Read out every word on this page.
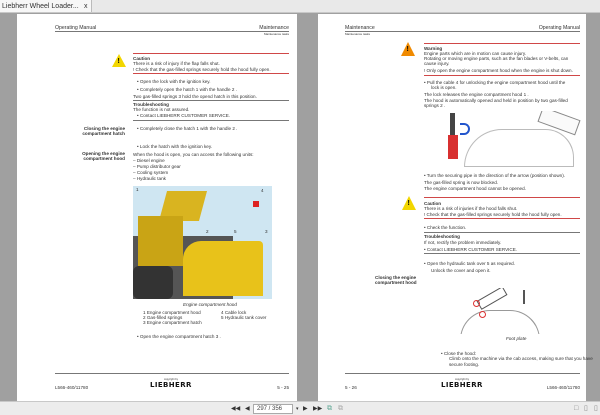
Liebherr Wheel Loader... x
Operating Manual	Maintenance
Maintenance tasks
!	Caution
There is a risk of injury if the flap falls shut.
! Check that the gas-filled springs securely hold the hood fully open.
• Open the lock with the ignition key.
• Completely open the hatch 1 with the handle 2 .
Two gas-filled springs 3 hold the opend hatch in this position.
Troubleshooting
The function is not assured.
• Contact LIEBHERR CUSTOMER SERVICE.
Closing the engine
compartment hatch
• Completely close the hatch 1 with the handle 2 .
• Lock the hatch with the ignition key.
Opening the engine
compartment hood
When the hood is open, you can access the following units:
– Diesel engine
– Pump distributor gear
– Cooling system
– Hydraulic tank
1
2	3
4
5
Engine compartment hood
1 Engine compartment hood
2 Gas-filled springs
3 Engine compartment hatch
4 Cable lock
5 Hydraulic tank cover
• Open the engine compartment hatch 3 .

copyright by
LIEBHERR
L566-460/11780	5 - 25
Maintenance	Operating Manual
Maintenance tasks
!	Warning
Engine parts which are in motion can cause injury.
Rotating or moving engine parts, such as the fan blades or V-belts, can
cause injury.
! Only open the engine compartment hood when the engine is shut down.
• Pull the cable 4 for unlocking the engine compartment hood until the
lock is open.
The lock releases the engine compartment hood 1 .
The hood is automatically opened and held in position by two gas-filled
springs 2 .
• Turn the securing pipe in the direction of the arrow (position shown).
The gas-filled spring is now blocked.
The engine compartment hood cannot be opened.
!	Caution
There is a risk of injuries if the hood falls shut.
! Check that the gas-filled springs securely hold the hood fully open.
• Check the function.
Troubleshooting
If not, rectify the problem immediately.
• Contact LIEBHERR CUSTOMER SERVICE.
• Open the hydraulic tank over 5 as required.
Unlock the cover and open it.
Closing the engine
compartment hood
Foot plate
• Close the hood:
Climb onto the machine via the cab access, making sure that you have
secure footing.
copyright by
LIEBHERR
5 - 26	L566-460/11780
◀◀ ◀	297 / 356	▾ ▶ ▶▶ ⧉ ⧉	□ ▯ ▯
